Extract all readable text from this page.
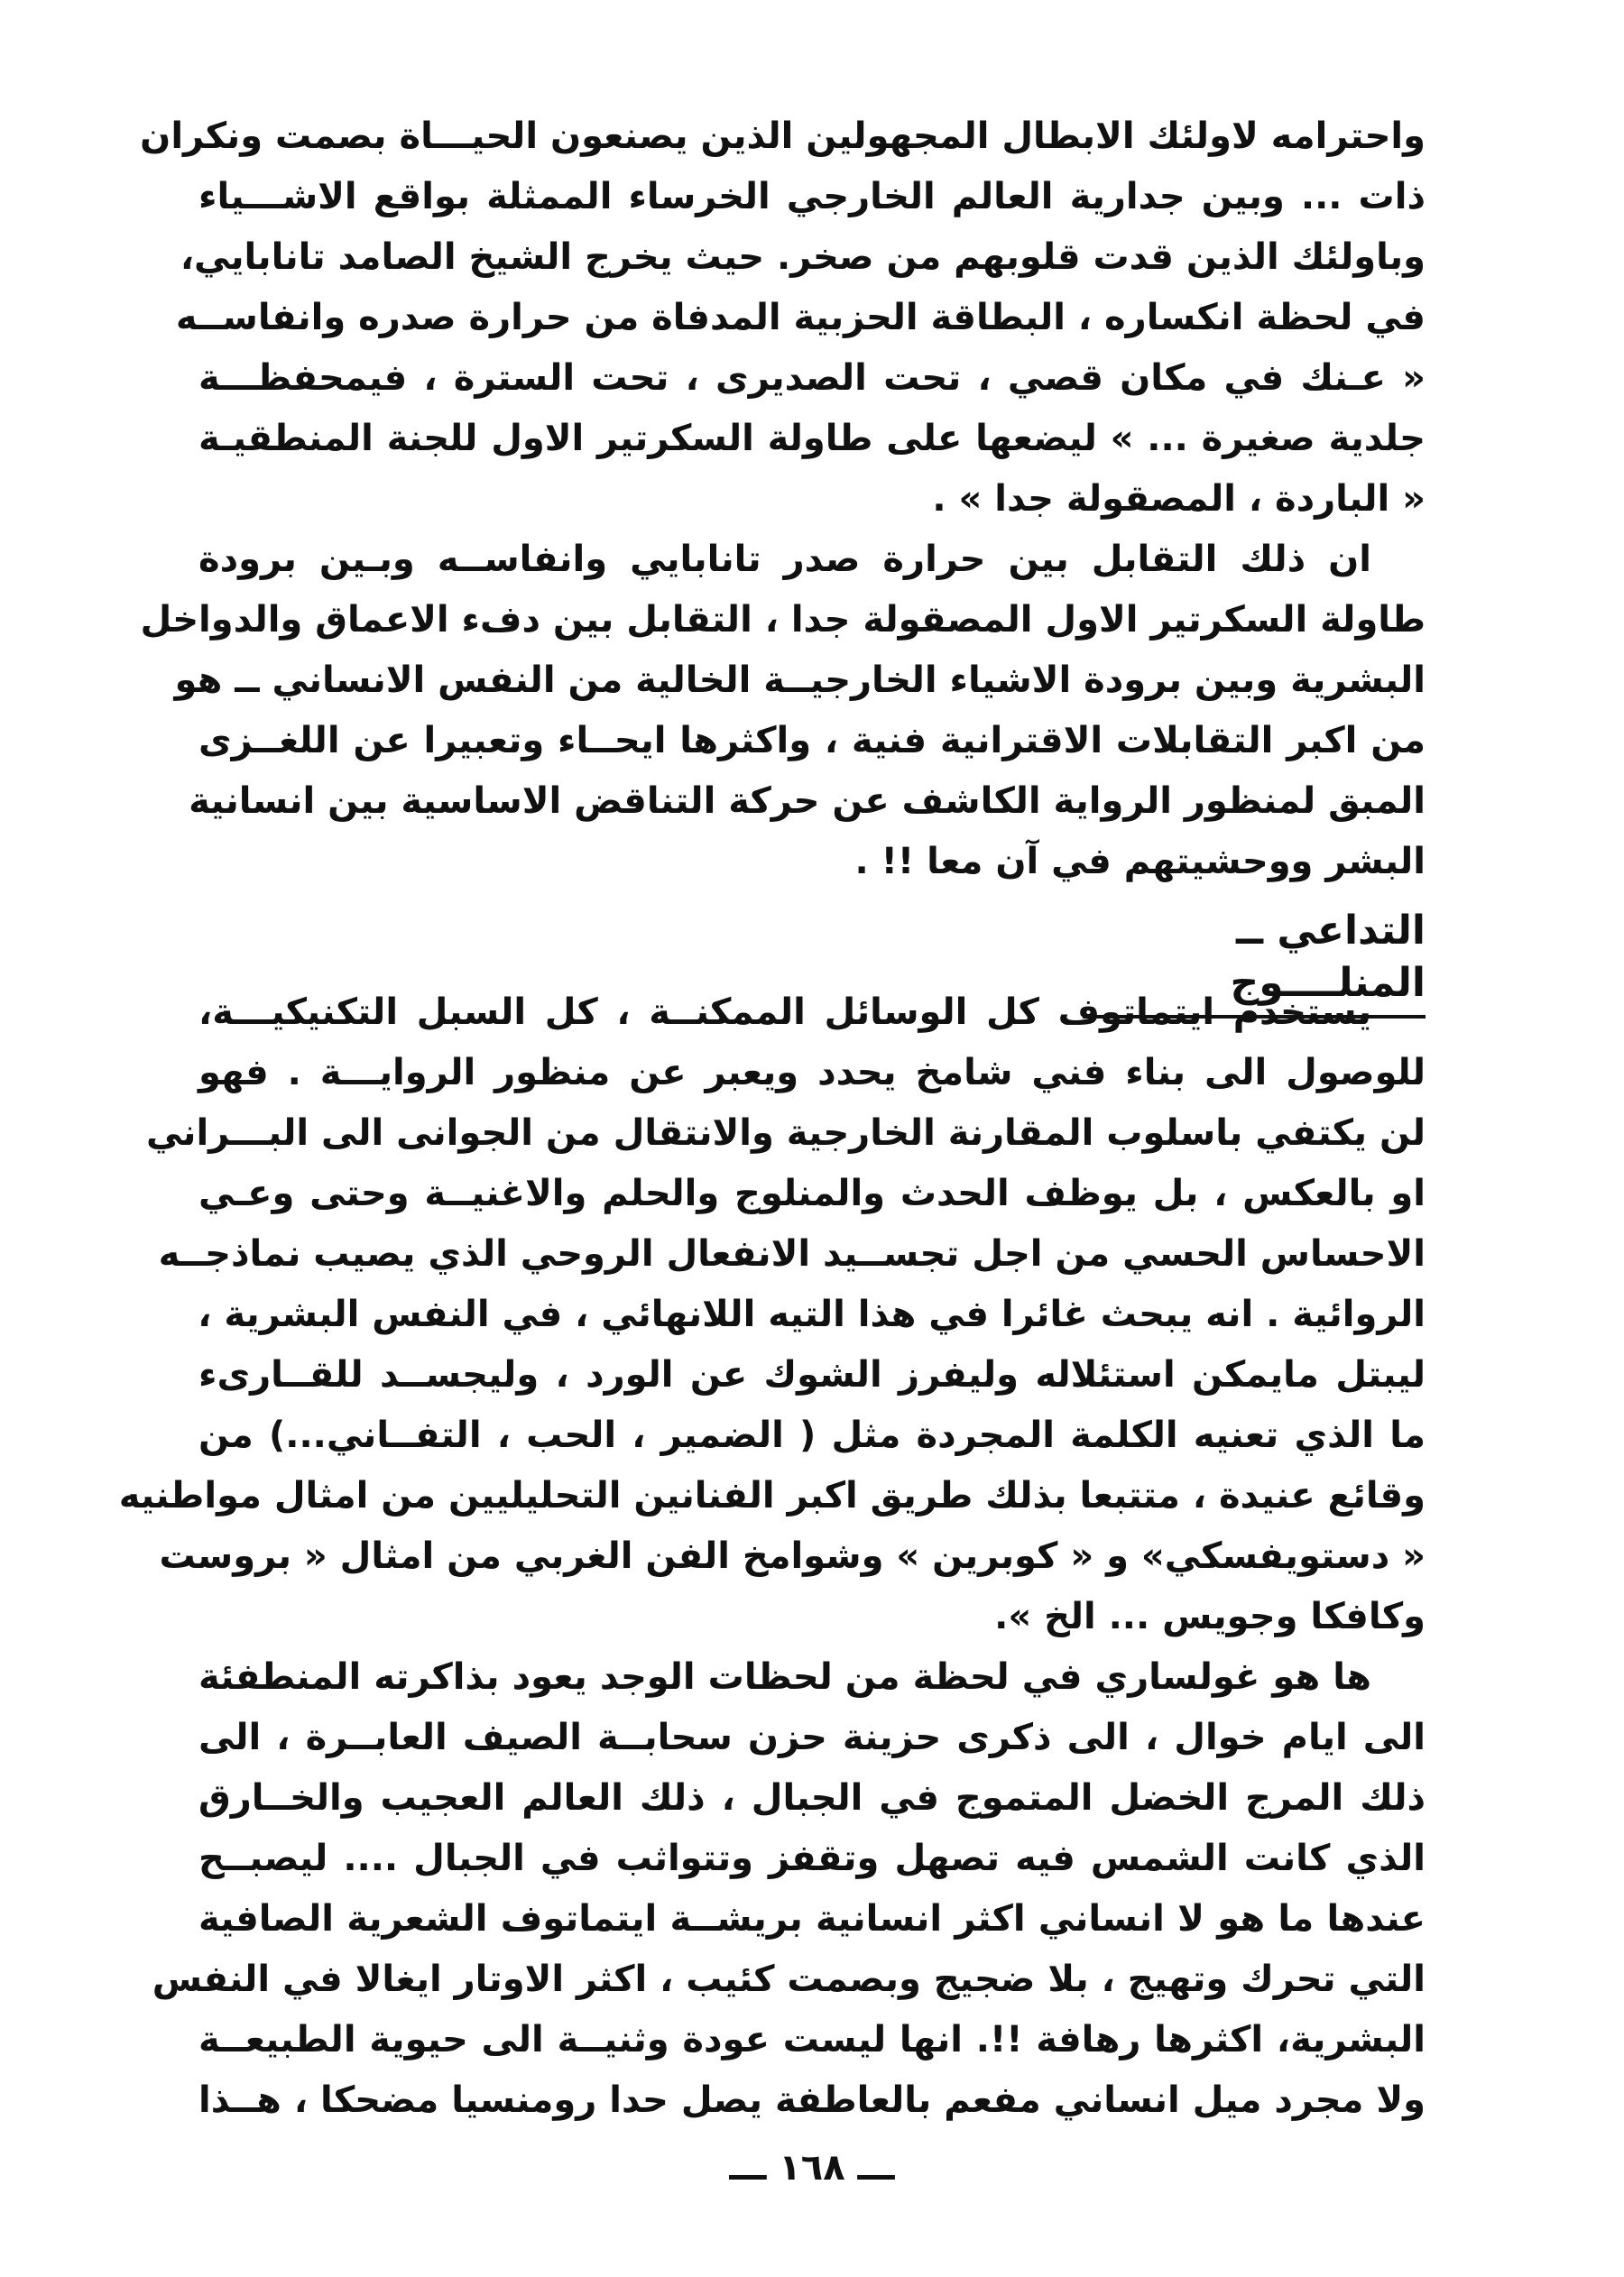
واحترامه لاولئك الابطال المجهولين الذين يصنعون الحيـــاة بصمت ونكران
ذات ... وبين جدارية العالم الخارجي الخرساء الممثلة بواقع الاشـــياء
وباولئك الذين قدت قلوبهم من صخر. حيث يخرج الشيخ الصامد تانابايي،
في لحظة انكساره ، البطاقة الحزبية المدفاة من حرارة صدره وانفاســه
« عـنك في مكان قصي ، تحت الصديرى ، تحت السترة ، فيمحفظـــة
جلدية صغيرة ... » ليضعها على طاولة السكرتير الاول للجنة المنطقيـة
« الباردة ، المصقولة جدا » .
ان ذلك التقابل بين حرارة صدر تانابايي وانفاســه وبـين برودة
طاولة السكرتير الاول المصقولة جدا ، التقابل بين دفء الاعماق والدواخل
البشرية وبين برودة الاشياء الخارجيــة الخالية من النفس الانساني ــ هو
من اكبر التقابلات الاقترانية فنية ، واكثرها ايحــاء وتعبيرا عن اللغــزى
المبق لمنظور الرواية الكاشف عن حركة التناقض الاساسية بين انسانية
البشر ووحشيتهم في آن معا !! .
التداعي ــ المنلــــوج
يستخدم ايتماتوف كل الوسائل الممكنــة ، كل السبل التكنيكيـــة،
للوصول الى بناء فني شامخ يحدد ويعبر عن منظور الروايـــة . فهو
لن يكتفي باسلوب المقارنة الخارجية والانتقال من الجوانى الى البـــراني
او بالعكس ، بل يوظف الحدث والمنلوج والحلم والاغنيــة وحتى وعـي
الاحساس الحسي من اجل تجســيد الانفعال الروحي الذي يصيب نماذجــه
الروائية . انه يبحث غائرا في هذا التيه اللانهائي ، في النفس البشرية ،
ليبتل مايمكن استئلاله وليفرز الشوك عن الورد ، وليجســد للقــارىء
ما الذي تعنيه الكلمة المجردة مثل ( الضمير ، الحب ، التفــاني...) من
وقائع عنيدة ، متتبعا بذلك طريق اكبر الفنانين التحليليين من امثال مواطنيه
« دستويفسكي» و « كوبرين » وشوامخ الفن الغربي من امثال « بروست
وكافكا وجويس ... الخ ».
ها هو غولساري في لحظة من لحظات الوجد يعود بذاكرته المنطفئة
الى ايام خوال ، الى ذكرى حزينة حزن سحابــة الصيف العابــرة ، الى
ذلك المرج الخضل المتموج في الجبال ، ذلك العالم العجيب والخــارق
الذي كانت الشمس فيه تصهل وتقفز وتتواثب في الجبال .... ليصبــح
عندها ما هو لا انساني اكثر انسانية بريشــة ايتماتوف الشعرية الصافية
التي تحرك وتهيج ، بلا ضجيج وبصمت كئيب ، اكثر الاوتار ايغالا في النفس
البشرية، اكثرها رهافة !!. انها ليست عودة وثنيــة الى حيوية الطبيعــة
ولا مجرد ميل انساني مفعم بالعاطفة يصل حدا رومنسيا مضحكا ، هــذا
ـــ ١٦٨ ـــ
